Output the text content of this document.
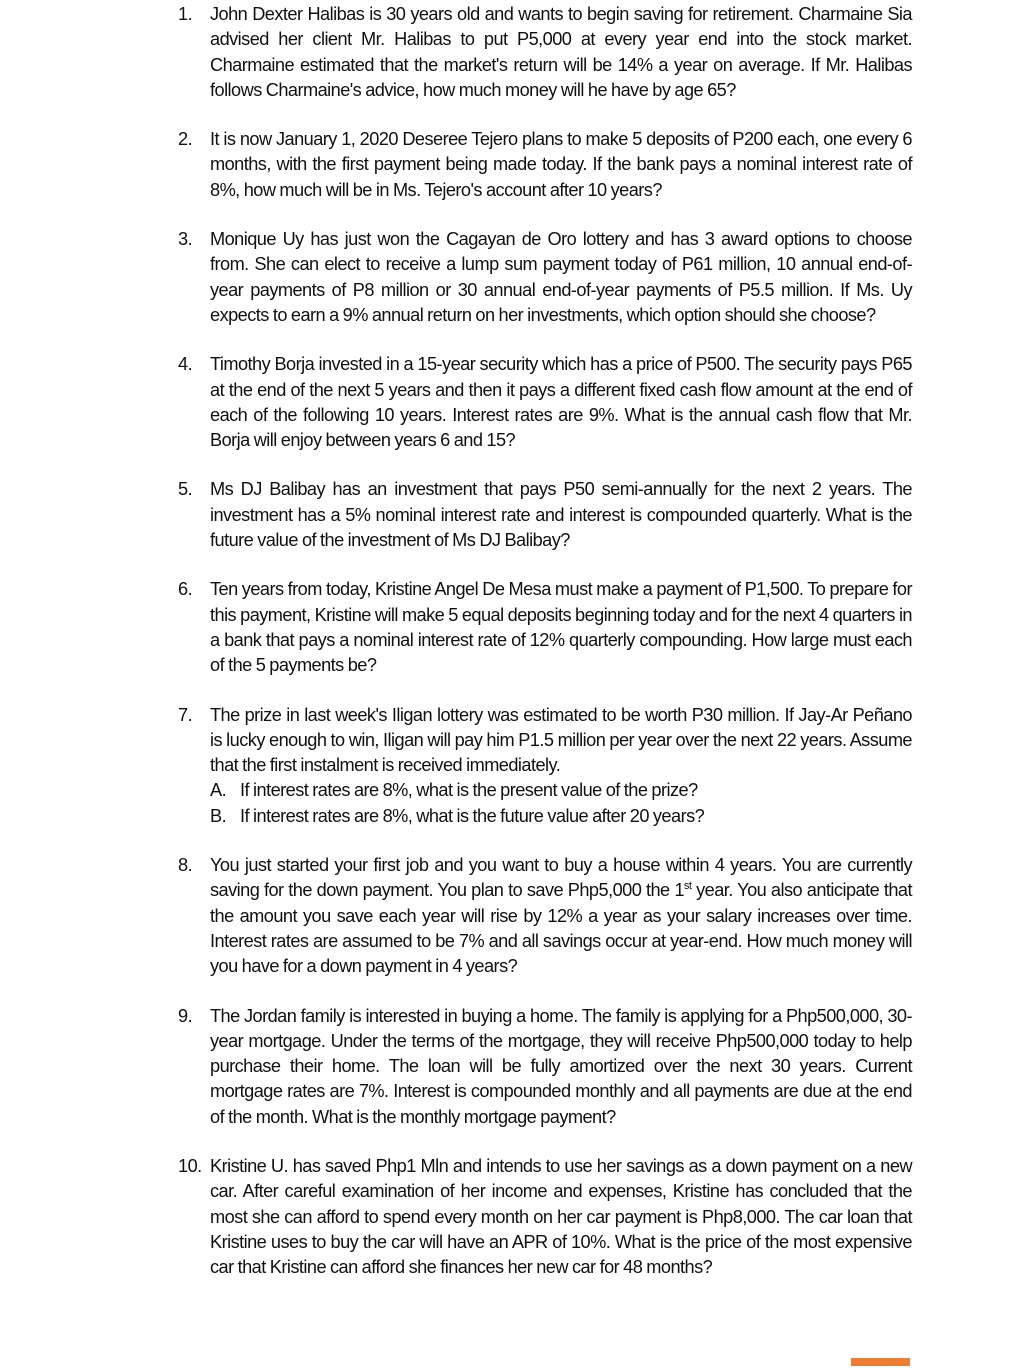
1. John Dexter Halibas is 30 years old and wants to begin saving for retirement. Charmaine Sia advised her client Mr. Halibas to put P5,000 at every year end into the stock market. Charmaine estimated that the market's return will be 14% a year on average. If Mr. Halibas follows Charmaine's advice, how much money will he have by age 65?

2. It is now January 1, 2020 Deseree Tejero plans to make 5 deposits of P200 each, one every 6 months, with the first payment being made today. If the bank pays a nominal interest rate of 8%, how much will be in Ms. Tejero's account after 10 years?

3. Monique Uy has just won the Cagayan de Oro lottery and has 3 award options to choose from. She can elect to receive a lump sum payment today of P61 million, 10 annual end-of-year payments of P8 million or 30 annual end-of-year payments of P5.5 million. If Ms. Uy expects to earn a 9% annual return on her investments, which option should she choose?

4. Timothy Borja invested in a 15-year security which has a price of P500. The security pays P65 at the end of the next 5 years and then it pays a different fixed cash flow amount at the end of each of the following 10 years. Interest rates are 9%. What is the annual cash flow that Mr. Borja will enjoy between years 6 and 15?

5. Ms DJ Balibay has an investment that pays P50 semi-annually for the next 2 years. The investment has a 5% nominal interest rate and interest is compounded quarterly. What is the future value of the investment of Ms DJ Balibay?

6. Ten years from today, Kristine Angel De Mesa must make a payment of P1,500. To prepare for this payment, Kristine will make 5 equal deposits beginning today and for the next 4 quarters in a bank that pays a nominal interest rate of 12% quarterly compounding. How large must each of the 5 payments be?

7. The prize in last week's Iligan lottery was estimated to be worth P30 million. If Jay-Ar Peñano is lucky enough to win, Iligan will pay him P1.5 million per year over the next 22 years. Assume that the first instalment is received immediately.

A. If interest rates are 8%, what is the present value of the prize?
B. If interest rates are 8%, what is the future value after 20 years?
8. You just started your first job and you want to buy a house within 4 years. You are currently saving for the down payment. You plan to save Php5,000 the 1st year. You also anticipate that the amount you save each year will rise by 12% a year as your salary increases over time. Interest rates are assumed to be 7% and all savings occur at year-end. How much money will you have for a down payment in 4 years?

9. The Jordan family is interested in buying a home. The family is applying for a Php500,000, 30-year mortgage. Under the terms of the mortgage, they will receive Php500,000 today to help purchase their home. The loan will be fully amortized over the next 30 years. Current mortgage rates are 7%. Interest is compounded monthly and all payments are due at the end of the month. What is the monthly mortgage payment?

10. Kristine U. has saved Php1 Mln and intends to use her savings as a down payment on a new car. After careful examination of her income and expenses, Kristine has concluded that the most she can afford to spend every month on her car payment is Php8,000. The car loan that Kristine uses to buy the car will have an APR of 10%. What is the price of the most expensive car that Kristine can afford she finances her new car for 48 months?
